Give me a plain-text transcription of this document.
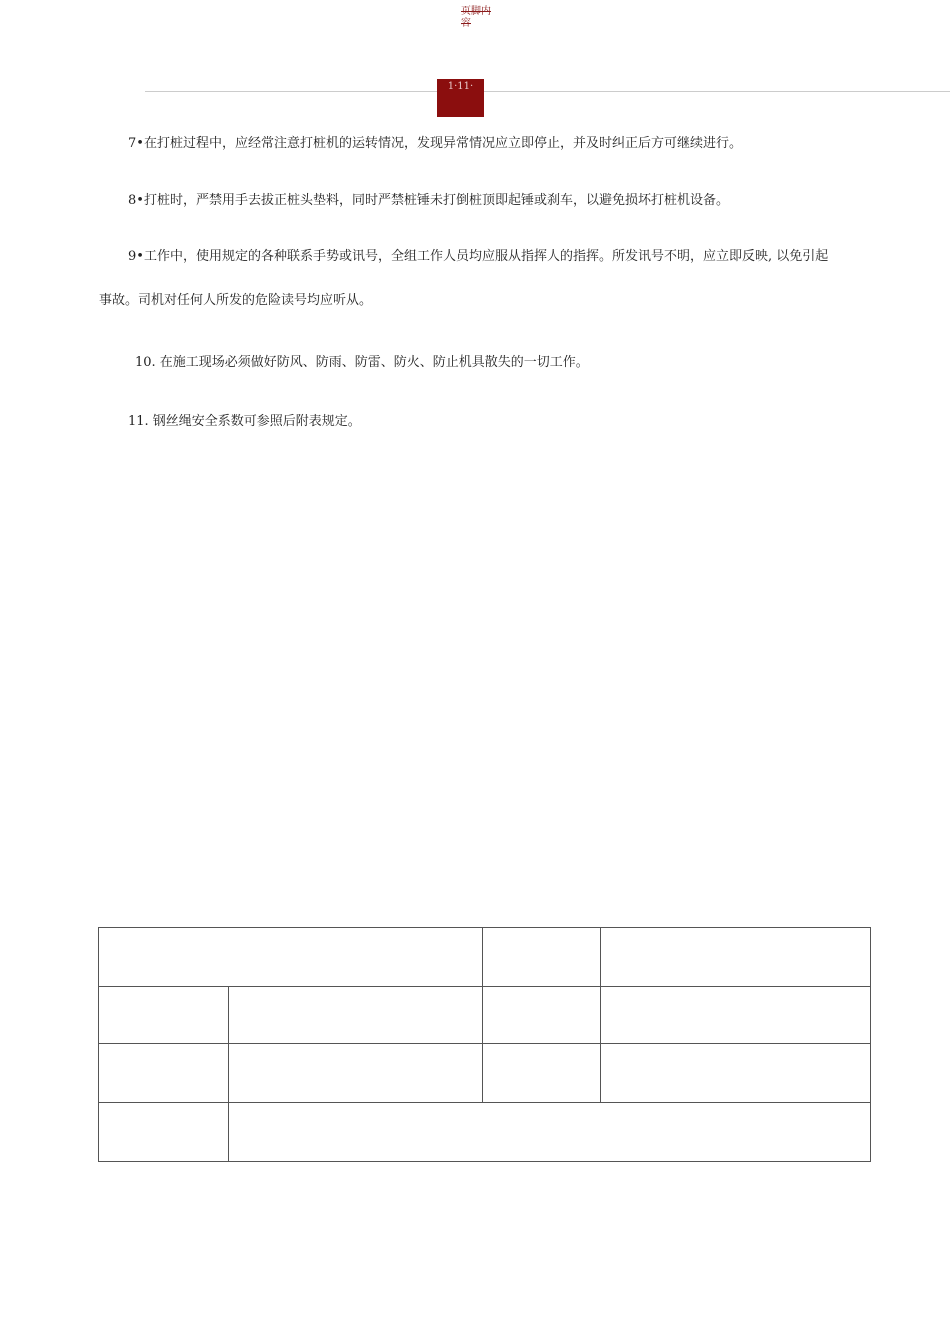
页脚内容
1·11·
7•在打桩过程中，应经常注意打桩机的运转情况，发现异常情况应立即停止，并及时纠正后方可继续进行。
8•打桩时，严禁用手去拔正桩头垫料，同时严禁桩锤未打倒桩顶即起锤或刹车，以避免损坏打桩机设备。
9•工作中，使用规定的各种联系手势或讯号，全组工作人员均应服从指挥人的指挥。所发讯号不明，应立即反映, 以免引起
事故。司机对任何人所发的危险读号均应听从。
10. 在施工现场必须做好防风、防雨、防雷、防火、防止机具散失的一切工作。
11. 钢丝绳安全系数可参照后附表规定。
